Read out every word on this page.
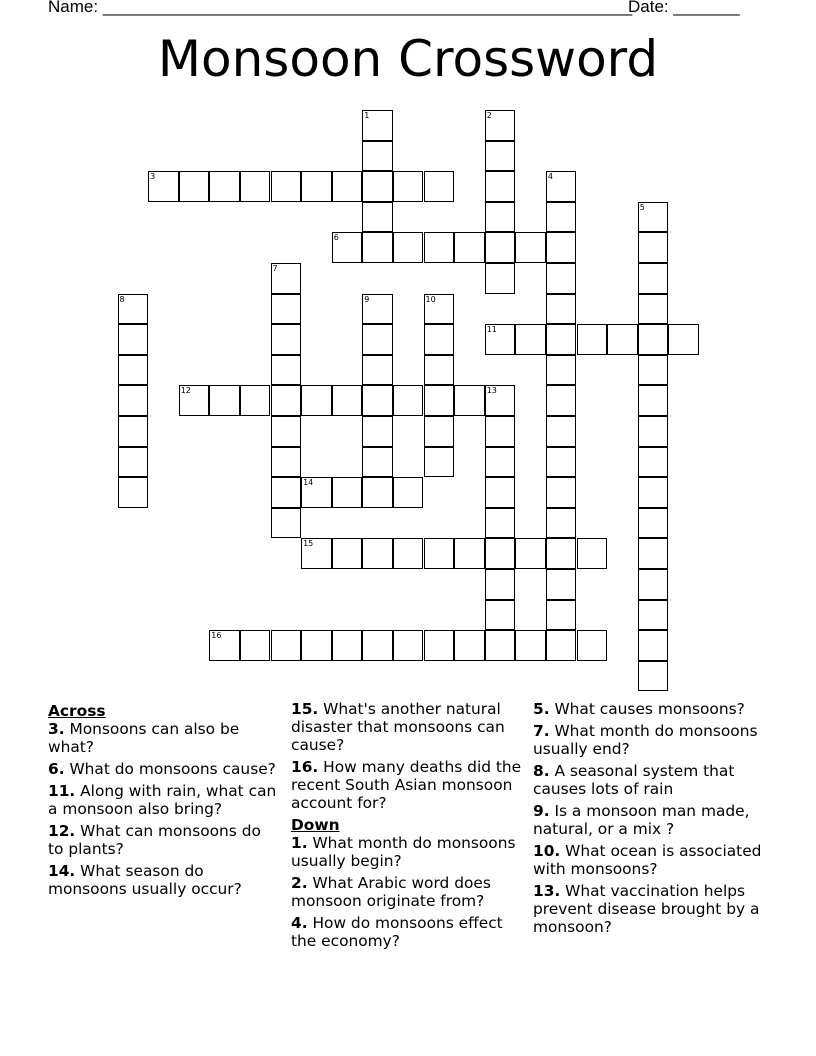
Name: ________________________________________________________
Date: _______
Monsoon Crossword
1	2
3	4
5
6
7
8	9	10
11
12	13
14
15
16
Across
3. Monsoons can also be what?
6. What do monsoons cause?
11. Along with rain, what can a monsoon also bring?
12. What can monsoons do to plants?
14. What season do monsoons usually occur?
15. What's another natural disaster that monsoons can cause?
16. How many deaths did the recent South Asian monsoon account for?
Down
1. What month do monsoons usually begin?
2. What Arabic word does monsoon originate from?
4. How do monsoons effect the economy?
5. What causes monsoons?
7. What month do monsoons usually end?
8. A seasonal system that causes lots of rain
9. Is a monsoon man made, natural, or a mix ?
10. What ocean is associated with monsoons?
13. What vaccination helps prevent disease brought by a monsoon?
